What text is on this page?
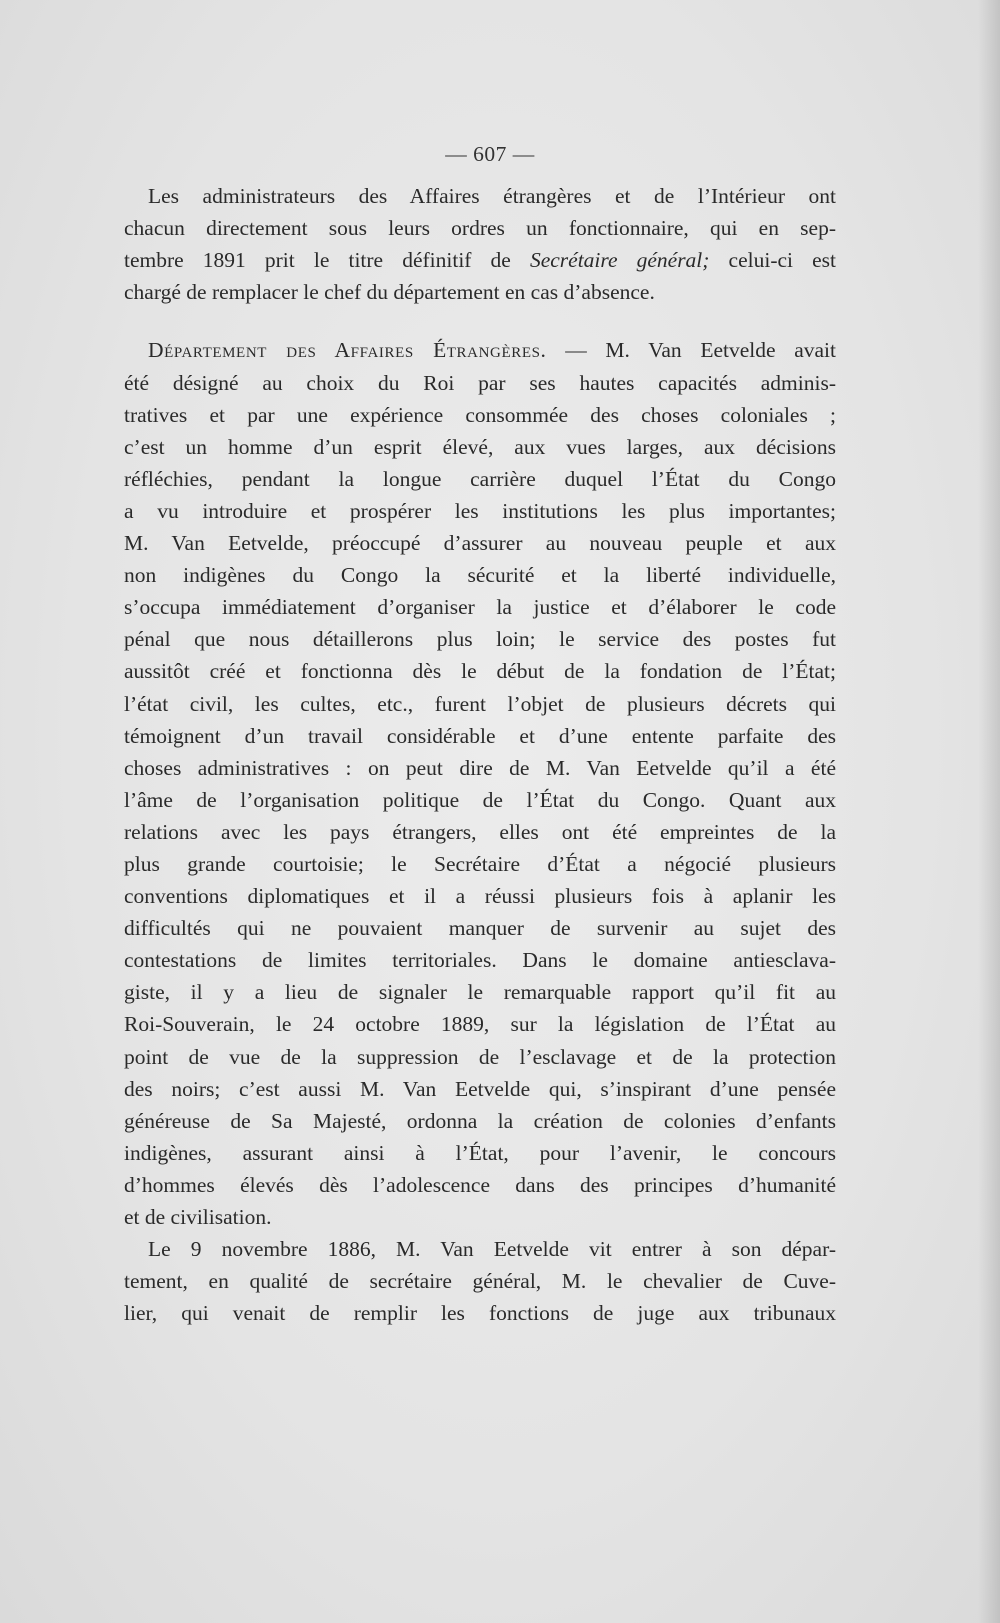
— 607 —
Les administrateurs des Affaires étrangères et de l’Intérieur ont
chacun directement sous leurs ordres un fonctionnaire, qui en sep-
tembre 1891 prit le titre définitif de Secrétaire général; celui-ci est
chargé de remplacer le chef du département en cas d’absence.
Département des Affaires Étrangères. — M. Van Eetvelde avait
été désigné au choix du Roi par ses hautes capacités adminis-
tratives et par une expérience consommée des choses coloniales ;
c’est un homme d’un esprit élevé, aux vues larges, aux décisions
réfléchies, pendant la longue carrière duquel l’État du Congo
a vu introduire et prospérer les institutions les plus importantes;
M. Van Eetvelde, préoccupé d’assurer au nouveau peuple et aux
non indigènes du Congo la sécurité et la liberté individuelle,
s’occupa immédiatement d’organiser la justice et d’élaborer le code
pénal que nous détaillerons plus loin; le service des postes fut
aussitôt créé et fonctionna dès le début de la fondation de l’État;
l’état civil, les cultes, etc., furent l’objet de plusieurs décrets qui
témoignent d’un travail considérable et d’une entente parfaite des
choses administratives : on peut dire de M. Van Eetvelde qu’il a été
l’âme de l’organisation politique de l’État du Congo. Quant aux
relations avec les pays étrangers, elles ont été empreintes de la
plus grande courtoisie; le Secrétaire d’État a négocié plusieurs
conventions diplomatiques et il a réussi plusieurs fois à aplanir les
difficultés qui ne pouvaient manquer de survenir au sujet des
contestations de limites territoriales. Dans le domaine antiesclava-
giste, il y a lieu de signaler le remarquable rapport qu’il fit au
Roi-Souverain, le 24 octobre 1889, sur la législation de l’État au
point de vue de la suppression de l’esclavage et de la protection
des noirs; c’est aussi M. Van Eetvelde qui, s’inspirant d’une pensée
généreuse de Sa Majesté, ordonna la création de colonies d’enfants
indigènes, assurant ainsi à l’État, pour l’avenir, le concours
d’hommes élevés dès l’adolescence dans des principes d’humanité
et de civilisation.
Le 9 novembre 1886, M. Van Eetvelde vit entrer à son dépar-
tement, en qualité de secrétaire général, M. le chevalier de Cuve-
lier, qui venait de remplir les fonctions de juge aux tribunaux
